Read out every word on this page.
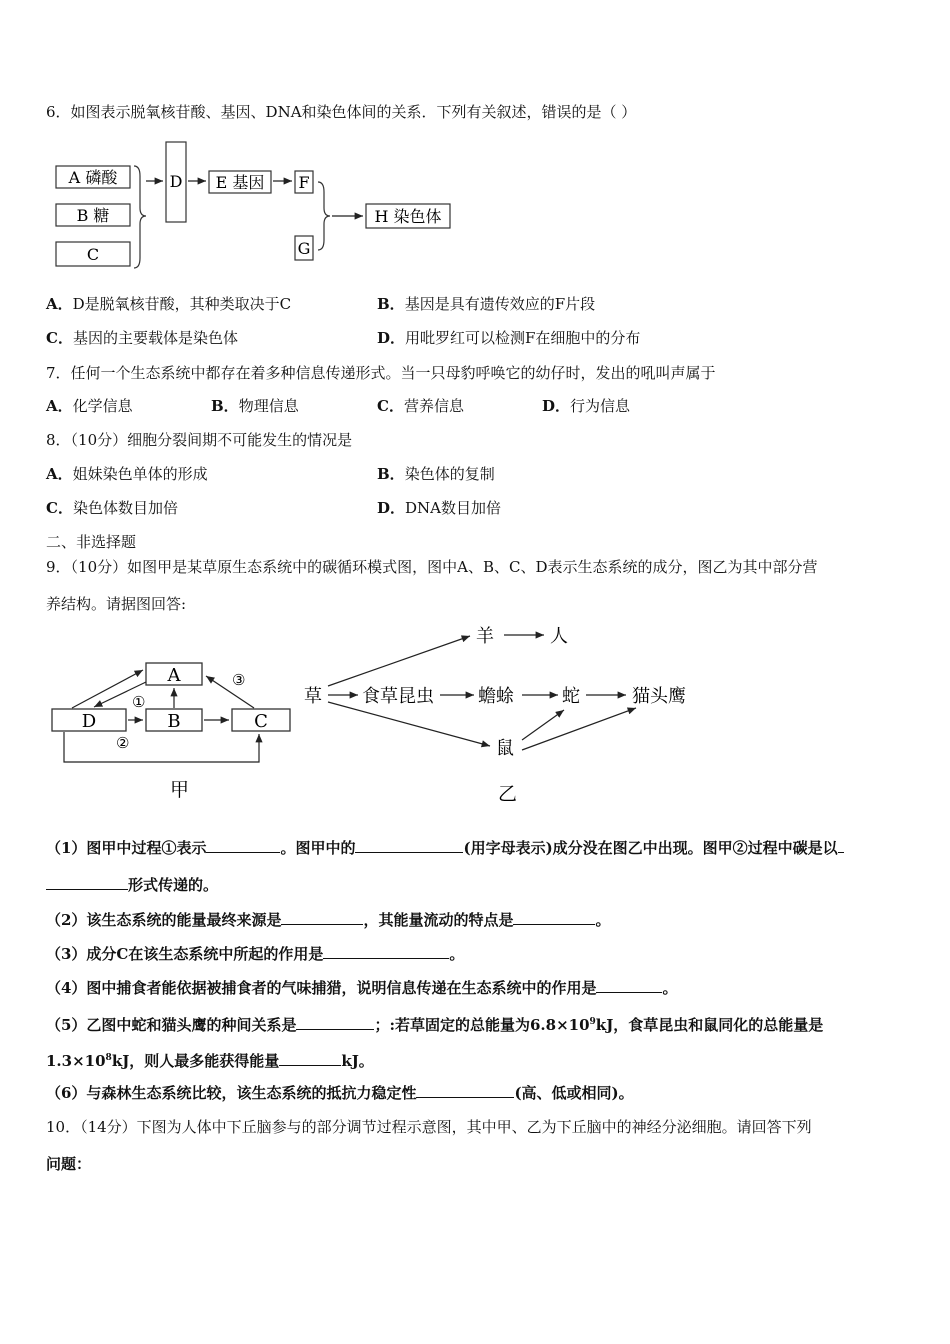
6．如图表示脱氧核苷酸、基因、DNA和染色体间的关系．下列有关叙述，错误的是（ ）
A 磷酸
B 糖
C
D E 基因 F
G
H 染色体
A．D是脱氧核苷酸，其种类取决于C	B．基因是具有遗传效应的F片段
C．基因的主要载体是染色体	D．用吡罗红可以检测F在细胞中的分布
7．任何一个生态系统中都存在着多种信息传递形式。当一只母豹呼唤它的幼仔时，发出的吼叫声属于
A．化学信息	B．物理信息	C．营养信息	D．行为信息
8．（10分）细胞分裂间期不可能发生的情况是
A．姐妹染色单体的形成	B．染色体的复制
C．染色体数目加倍	D．DNA数目加倍
二、非选择题
9．（10分）如图甲是某草原生态系统中的碳循环模式图，图中A、B、C、D表示生态系统的成分，图乙为其中部分营
养结构。请据图回答:
A
D	B	C
①
②
③
甲
草
羊	人
食草昆虫 蟾蜍	蛇	猫头鹰
鼠
乙
（1）图甲中过程①表示	。图甲中的	(用字母表示)成分没在图乙中出现。图甲②过程中碳是以
形式传递的。
（2）该生态系统的能量最终来源是	，其能量流动的特点是	。
（3）成分C在该生态系统中所起的作用是	。
（4）图中捕食者能依据被捕食者的气味捕猎，说明信息传递在生态系统中的作用是	。
（5）乙图中蛇和猫头鹰的种间关系是	；:若草固定的总能量为$6.8\times 10^9kJ$，食草昆虫和鼠同化的总能量是
$1.3\times 10^8kJ$，则人最多能获得能量	kJ。
（6）与森林生态系统比较，该生态系统的抵抗力稳定性	(高、低或相同)。
10．（14分）下图为人体中下丘脑参与的部分调节过程示意图，其中甲、乙为下丘脑中的神经分泌细胞。请回答下列
问题：
